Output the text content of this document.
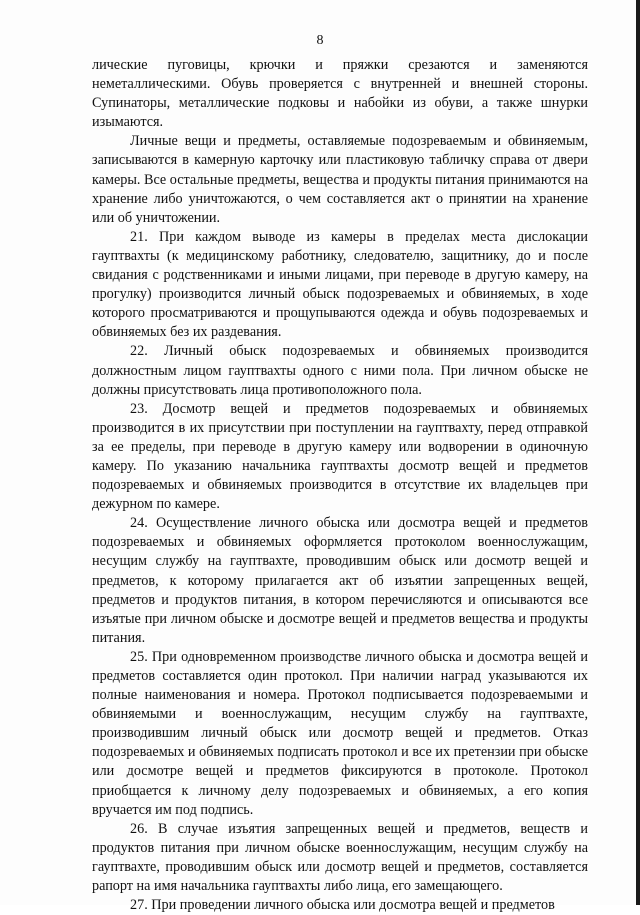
8

лические пуговицы, крючки и пряжки срезаются и заменяются неметаллическими. Обувь проверяется с внутренней и внешней стороны. Супинаторы, металлические подковы и набойки из обуви, а также шнурки изымаются.

Личные вещи и предметы, оставляемые подозреваемым и обвиняемым, записываются в камерную карточку или пластиковую табличку справа от двери камеры. Все остальные предметы, вещества и продукты питания принимаются на хранение либо уничтожаются, о чем составляется акт о принятии на хранение или об уничтожении.

21. При каждом выводе из камеры в пределах места дислокации гауптвахты (к медицинскому работнику, следователю, защитнику, до и после свидания с родственниками и иными лицами, при переводе в другую камеру, на прогулку) производится личный обыск подозреваемых и обвиняемых, в ходе которого просматриваются и прощупываются одежда и обувь подозреваемых и обвиняемых без их раздевания.

22. Личный обыск подозреваемых и обвиняемых производится должностным лицом гауптвахты одного с ними пола. При личном обыске не должны присутствовать лица противоположного пола.

23. Досмотр вещей и предметов подозреваемых и обвиняемых производится в их присутствии при поступлении на гауптвахту, перед отправкой за ее пределы, при переводе в другую камеру или водворении в одиночную камеру. По указанию начальника гауптвахты досмотр вещей и предметов подозреваемых и обвиняемых производится в отсутствие их владельцев при дежурном по камере.

24. Осуществление личного обыска или досмотра вещей и предметов подозреваемых и обвиняемых оформляется протоколом военнослужащим, несущим службу на гауптвахте, проводившим обыск или досмотр вещей и предметов, к которому прилагается акт об изъятии запрещенных вещей, предметов и продуктов питания, в котором перечисляются и описываются все изъятые при личном обыске и досмотре вещей и предметов вещества и продукты питания.

25. При одновременном производстве личного обыска и досмотра вещей и предметов составляется один протокол. При наличии наград указываются их полные наименования и номера. Протокол подписывается подозреваемыми и обвиняемыми и военнослужащим, несущим службу на гауптвахте, производившим личный обыск или досмотр вещей и предметов. Отказ подозреваемых и обвиняемых подписать протокол и все их претензии при обыске или досмотре вещей и предметов фиксируются в протоколе. Протокол приобщается к личному делу подозреваемых и обвиняемых, а его копия вручается им под подпись.

26. В случае изъятия запрещенных вещей и предметов, веществ и продуктов питания при личном обыске военнослужащим, несущим службу на гауптвахте, проводившим обыск или досмотр вещей и предметов, составляется рапорт на имя начальника гауптвахты либо лица, его замещающего.

27. При проведении личного обыска или досмотра вещей и предметов
